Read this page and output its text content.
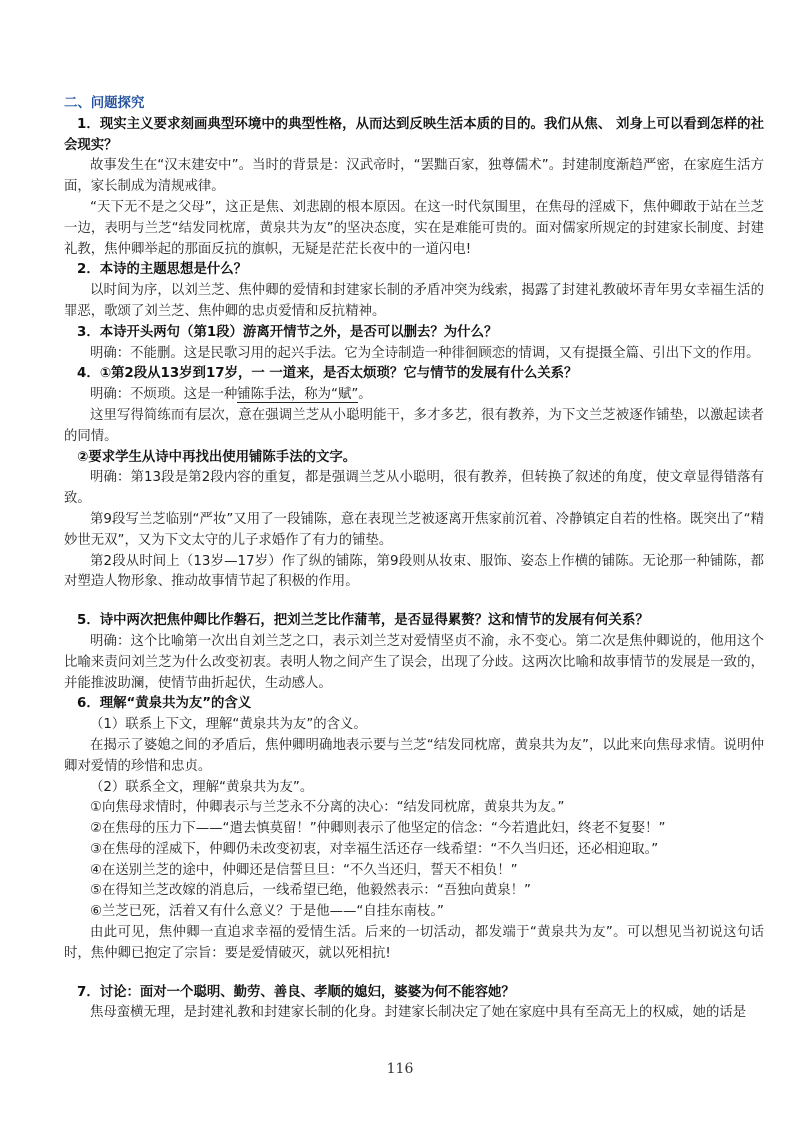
二、问题探究

1．现实主义要求刻画典型环境中的典型性格，从而达到反映生活本质的目的。我们从焦、 刘身上可以看到怎样的社会现实？

故事发生在“汉末建安中”。当时的背景是：汉武帝时，“罢黜百家，独尊儒术”。封建制度渐趋严密，在家庭生活方面，家长制成为清规戒律。

“天下无不是之父母”，这正是焦、刘悲剧的根本原因。在这一时代氛围里，在焦母的淫威下，焦仲卿敢于站在兰芝一边，表明与兰芝“结发同枕席，黄泉共为友”的坚决态度，实在是难能可贵的。面对儒家所规定的封建家长制度、封建礼教，焦仲卿举起的那面反抗的旗帜，无疑是茫茫长夜中的一道闪电!

2．本诗的主题思想是什么？

以时间为序，以刘兰芝、焦仲卿的爱情和封建家长制的矛盾冲突为线索，揭露了封建礼教破坏青年男女幸福生活的罪恶，歌颂了刘兰芝、焦仲卿的忠贞爱情和反抗精神。

3．本诗开头两句（第1段）游离开情节之外，是否可以删去？为什么？

明确：不能删。这是民歌习用的起兴手法。它为全诗制造一种徘徊顾恋的情调，又有提摄全篇、引出下文的作用。

4．①第2段从13岁到17岁，一 一道来，是否太烦琐？它与情节的发展有什么关系？

明确：不烦琐。这是一种铺陈手法，称为“赋”。

这里写得简练而有层次，意在强调兰芝从小聪明能干，多才多艺，很有教养，为下文兰芝被逐作铺垫，以激起读者的同情。

②要求学生从诗中再找出使用铺陈手法的文字。

明确：第13段是第2段内容的重复，都是强调兰芝从小聪明，很有教养，但转换了叙述的角度，使文章显得错落有致。

第9段写兰芝临别“严妆”又用了一段铺陈，意在表现兰芝被逐离开焦家前沉着、冷静镇定自若的性格。既突出了“精妙世无双”，又为下文太守的儿子求婚作了有力的铺垫。

第2段从时间上（13岁—17岁）作了纵的铺陈，第9段则从妆束、服饰、姿态上作横的铺陈。无论那一种铺陈，都对塑造人物形象、推动故事情节起了积极的作用。

5．诗中两次把焦仲卿比作磐石，把刘兰芝比作蒲苇，是否显得累赘？这和情节的发展有何关系？

明确：这个比喻第一次出自刘兰芝之口，表示刘兰芝对爱情坚贞不渝，永不变心。第二次是焦仲卿说的，他用这个比喻来责问刘兰芝为什么改变初衷。表明人物之间产生了误会，出现了分歧。这两次比喻和故事情节的发展是一致的，并能推波助澜，使情节曲折起伏，生动感人。

6．理解“黄泉共为友”的含义

（1）联系上下文，理解“黄泉共为友”的含义。

在揭示了婆媳之间的矛盾后，焦仲卿明确地表示要与兰芝“结发同枕席，黄泉共为友”，以此来向焦母求情。说明仲卿对爱情的珍惜和忠贞。

（2）联系全文，理解“黄泉共为友”。

①向焦母求情时，仲卿表示与兰芝永不分离的决心：“结发同枕席，黄泉共为友。”

②在焦母的压力下——“遣去慎莫留！”仲卿则表示了他坚定的信念：“今若遣此妇，终老不复娶！”

③在焦母的淫威下，仲卿仍未改变初衷，对幸福生活还存一线希望：“不久当归还，还必相迎取。”

④在送别兰芝的途中，仲卿还是信誓旦旦：“不久当还归，誓天不相负！”

⑤在得知兰芝改嫁的消息后，一线希望已绝，他毅然表示：“吾独向黄泉！”

⑥兰芝已死，活着又有什么意义？于是他——“自挂东南枝。”

由此可见，焦仲卿一直追求幸福的爱情生活。后来的一切活动，都发端于“黄泉共为友”。可以想见当初说这句话时，焦仲卿已抱定了宗旨：要是爱情破灭，就以死相抗!

7．讨论：面对一个聪明、勤劳、善良、孝顺的媳妇，婆婆为何不能容她？

焦母蛮横无理，是封建礼教和封建家长制的化身。封建家长制决定了她在家庭中具有至高无上的权威，她的话是

116
